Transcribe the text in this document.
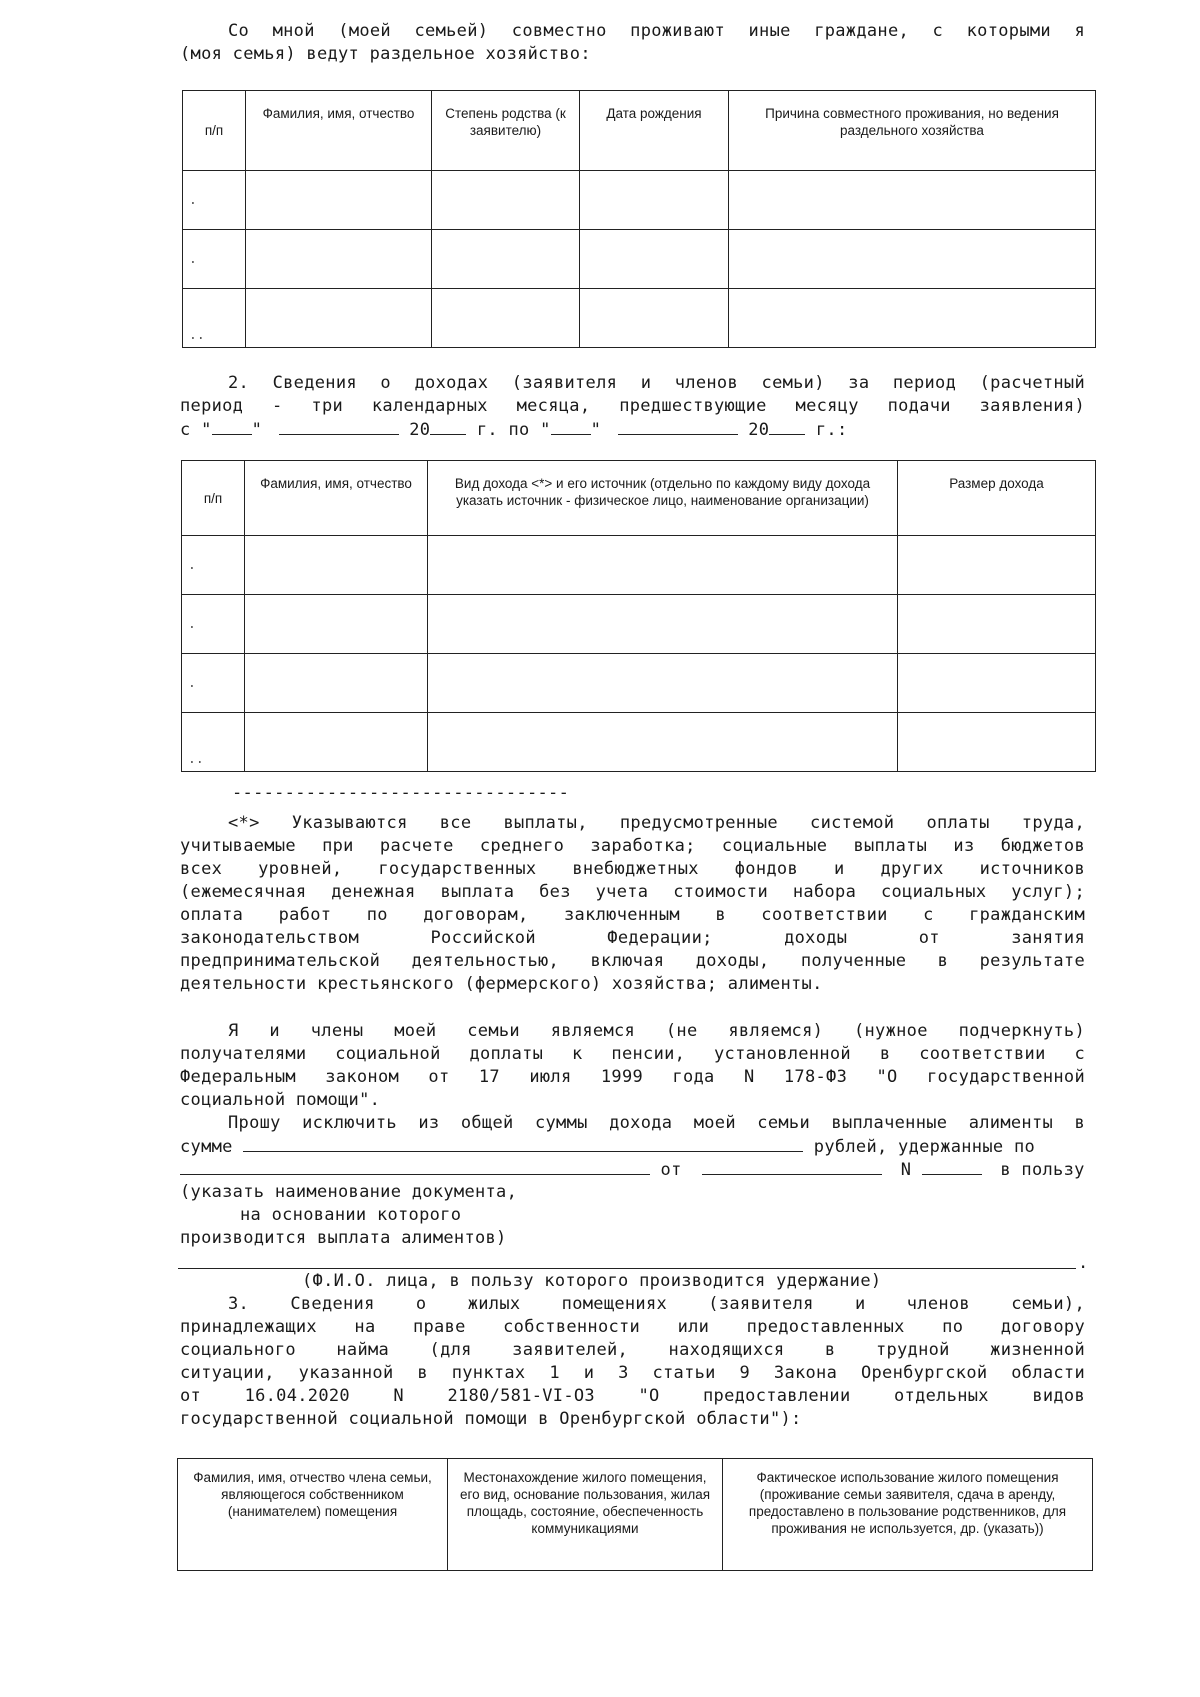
Со мной (моей семьей) совместно проживают иные граждане, с которыми я

(моя семья) ведут раздельное хозяйство:

п/п	Фамилия, имя, отчество	Степень родства (к заявителю)	Дата рождения	Причина совместного проживания, но ведения раздельного хозяйства
.				
.				
..				

2. Сведения о доходах (заявителя и членов семьи) за период (расчетный

период - три календарных месяца, предшествующие месяцу подачи заявления)

с " "	20	г. по " "	20	г.:

п/п	Фамилия, имя, отчество	Вид дохода <*> и его источник (отдельно по каждому виду дохода указать источник - физическое лицо, наименование организации)	Размер дохода
.			
.			
.			
..			

--------------------------------

<*> Указываются все выплаты, предусмотренные системой оплаты труда,

учитываемые при расчете среднего заработка; социальные выплаты из бюджетов

всех уровней, государственных внебюджетных фондов и других источников

(ежемесячная денежная выплата без учета стоимости набора социальных услуг);

оплата работ по договорам, заключенным в соответствии с гражданским

законодательством Российской Федерации; доходы от занятия

предпринимательской деятельностью, включая доходы, полученные в результате

деятельности крестьянского (фермерского) хозяйства; алименты.

Я и члены моей семьи являемся (не являемся) (нужное подчеркнуть)

получателями социальной доплаты к пенсии, установленной в соответствии с

Федеральным законом от 17 июля 1999 года N 178-ФЗ "О государственной

социальной помощи".

Прошу исключить из общей суммы дохода моей семьи выплаченные алименты в

сумме	рублей, удержанные по

от	N	в пользу

(указать наименование документа,

на основании которого

производится выплата алиментов)

.

(Ф.И.О. лица, в пользу которого производится удержание)

3. Сведения о жилых помещениях (заявителя и членов семьи),

принадлежащих на праве собственности или предоставленных по договору

социального найма (для заявителей, находящихся в трудной жизненной

ситуации, указанной в пунктах 1 и 3 статьи 9 Закона Оренбургской области

от 16.04.2020 N 2180/581-VI-ОЗ "О предоставлении отдельных видов

государственной социальной помощи в Оренбургской области"):

Фамилия, имя, отчество члена семьи, являющегося собственником (нанимателем) помещения	Местонахождение жилого помещения, его вид, основание пользования, жилая площадь, состояние, обеспеченность коммуникациями	Фактическое использование жилого помещения (проживание семьи заявителя, сдача в аренду, предоставлено в пользование родственников, для проживания не используется, др. (указать))
